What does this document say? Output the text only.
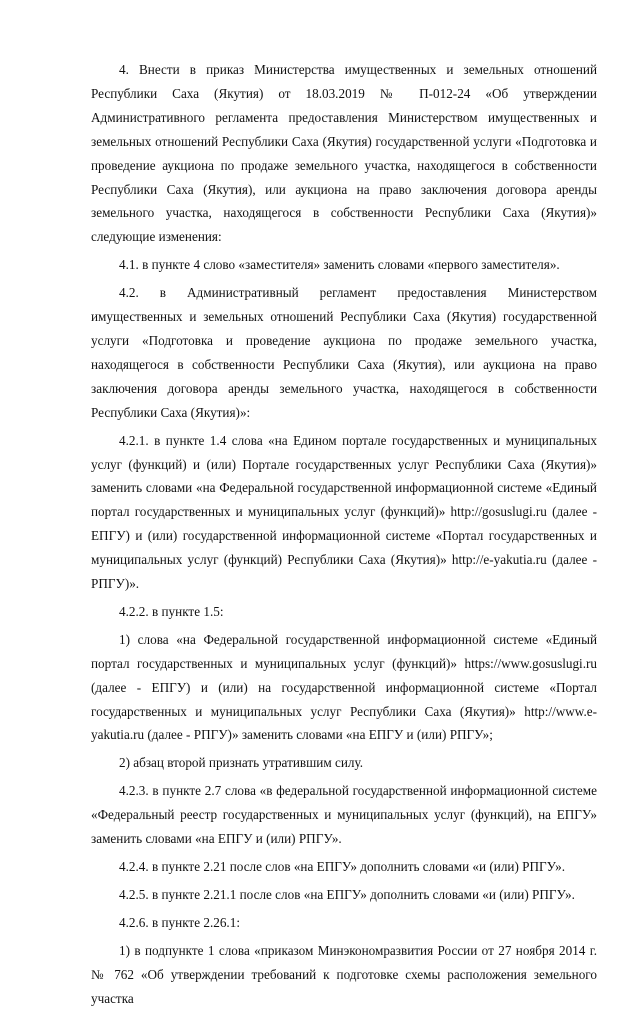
4. Внести в приказ Министерства имущественных и земельных отношений Республики Саха (Якутия) от 18.03.2019 № П-012-24 «Об утверждении Административного регламента предоставления Министерством имущественных и земельных отношений Республики Саха (Якутия) государственной услуги «Подготовка и проведение аукциона по продаже земельного участка, находящегося в собственности Республики Саха (Якутия), или аукциона на право заключения договора аренды земельного участка, находящегося в собственности Республики Саха (Якутия)» следующие изменения:

4.1. в пункте 4 слово «заместителя» заменить словами «первого заместителя».

4.2. в Административный регламент предоставления Министерством имущественных и земельных отношений Республики Саха (Якутия) государственной услуги «Подготовка и проведение аукциона по продаже земельного участка, находящегося в собственности Республики Саха (Якутия), или аукциона на право заключения договора аренды земельного участка, находящегося в собственности Республики Саха (Якутия)»:

4.2.1. в пункте 1.4 слова «на Едином портале государственных и муниципальных услуг (функций) и (или) Портале государственных услуг Республики Саха (Якутия)» заменить словами «на Федеральной государственной информационной системе «Единый портал государственных и муниципальных услуг (функций)» http://gosuslugi.ru (далее - ЕПГУ) и (или) государственной информационной системе «Портал государственных и муниципальных услуг (функций) Республики Саха (Якутия)» http://e-yakutia.ru (далее - РПГУ)».

4.2.2. в пункте 1.5:

1) слова «на Федеральной государственной информационной системе «Единый портал государственных и муниципальных услуг (функций)» https://www.gosuslugi.ru (далее - ЕПГУ) и (или) на государственной информационной системе «Портал государственных и муниципальных услуг Республики Саха (Якутия)» http://www.e-yakutia.ru (далее - РПГУ)» заменить словами «на ЕПГУ и (или) РПГУ»;

2) абзац второй признать утратившим силу.

4.2.3. в пункте 2.7 слова «в федеральной государственной информационной системе «Федеральный реестр государственных и муниципальных услуг (функций), на ЕПГУ» заменить словами «на ЕПГУ и (или) РПГУ».

4.2.4. в пункте 2.21 после слов «на ЕПГУ» дополнить словами «и (или) РПГУ».

4.2.5. в пункте 2.21.1 после слов «на ЕПГУ» дополнить словами «и (или) РПГУ».

4.2.6. в пункте 2.26.1:

1) в подпункте 1 слова «приказом Минэкономразвития России от 27 ноября 2014 г. № 762 «Об утверждении требований к подготовке схемы расположения земельного участка
